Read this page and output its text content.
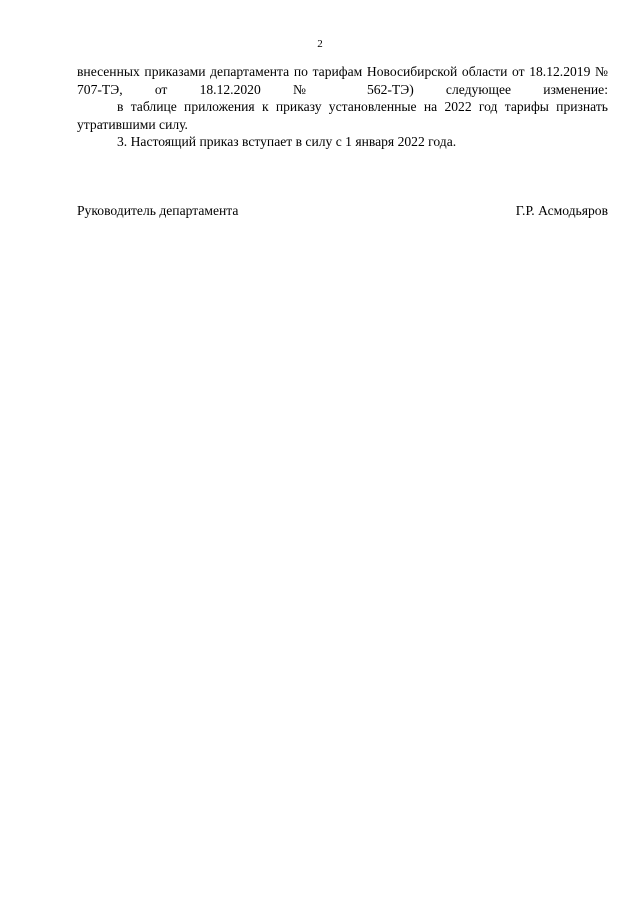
2

внесенных приказами департамента по тарифам Новосибирской области от 18.12.2019 № 707-ТЭ, от 18.12.2020 № 562-ТЭ) следующее изменение:

в таблице приложения к приказу установленные на 2022 год тарифы признать утратившими силу.

3. Настоящий приказ вступает в силу с 1 января 2022 года.

Руководитель департамента	Г.Р. Асмодьяров
